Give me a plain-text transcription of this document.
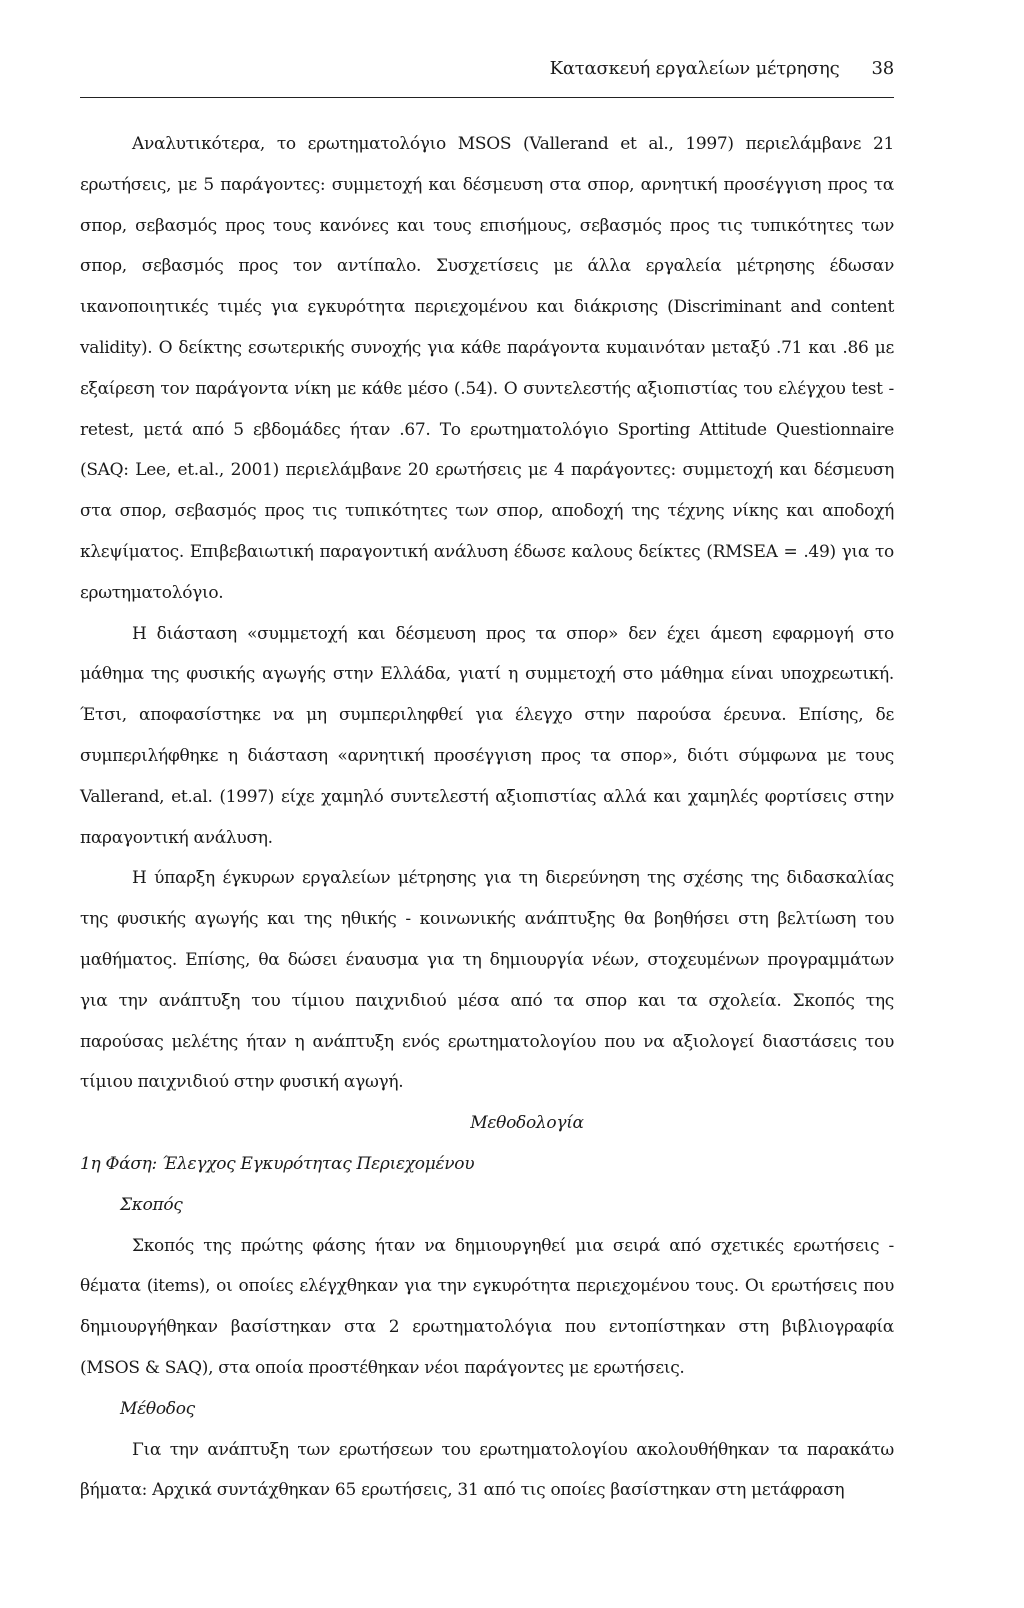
Κατασκευή εργαλείων μέτρησης 38

Αναλυτικότερα, το ερωτηματολόγιο MSOS (Vallerand et al., 1997) περιελάμβανε 21 ερωτήσεις, με 5 παράγοντες: συμμετοχή και δέσμευση στα σπορ, αρνητική προσέγγιση προς τα σπορ, σεβασμός προς τους κανόνες και τους επισήμους, σεβασμός προς τις τυπικότητες των σπορ, σεβασμός προς τον αντίπαλο. Συσχετίσεις με άλλα εργαλεία μέτρησης έδωσαν ικανοποιητικές τιμές για εγκυρότητα περιεχομένου και διάκρισης (Discriminant and content validity). Ο δείκτης εσωτερικής συνοχής για κάθε παράγοντα κυμαινόταν μεταξύ .71 και .86 με εξαίρεση τον παράγοντα νίκη με κάθε μέσο (.54). Ο συντελεστής αξιοπιστίας του ελέγχου test - retest, μετά από 5 εβδομάδες ήταν .67. Το ερωτηματολόγιο Sporting Attitude Questionnaire (SAQ: Lee, et.al., 2001) περιελάμβανε 20 ερωτήσεις με 4 παράγοντες: συμμετοχή και δέσμευση στα σπορ, σεβασμός προς τις τυπικότητες των σπορ, αποδοχή της τέχνης νίκης και αποδοχή κλεψίματος. Επιβεβαιωτική παραγοντική ανάλυση έδωσε καλους δείκτες (RMSEA = .49) για το ερωτηματολόγιο.

Η διάσταση «συμμετοχή και δέσμευση προς τα σπορ» δεν έχει άμεση εφαρμογή στο μάθημα της φυσικής αγωγής στην Ελλάδα, γιατί η συμμετοχή στο μάθημα είναι υποχρεωτική. Έτσι, αποφασίστηκε να μη συμπεριληφθεί για έλεγχο στην παρούσα έρευνα. Επίσης, δε συμπεριλήφθηκε η διάσταση «αρνητική προσέγγιση προς τα σπορ», διότι σύμφωνα με τους Vallerand, et.al. (1997) είχε χαμηλό συντελεστή αξιοπιστίας αλλά και χαμηλές φορτίσεις στην παραγοντική ανάλυση.

Η ύπαρξη έγκυρων εργαλείων μέτρησης για τη διερεύνηση της σχέσης της διδασκαλίας της φυσικής αγωγής και της ηθικής - κοινωνικής ανάπτυξης θα βοηθήσει στη βελτίωση του μαθήματος. Επίσης, θα δώσει έναυσμα για τη δημιουργία νέων, στοχευμένων προγραμμάτων για την ανάπτυξη του τίμιου παιχνιδιού μέσα από τα σπορ και τα σχολεία. Σκοπός της παρούσας μελέτης ήταν η ανάπτυξη ενός ερωτηματολογίου που να αξιολογεί διαστάσεις του τίμιου παιχνιδιού στην φυσική αγωγή.

Μεθοδολογία

1η Φάση: Έλεγχος Εγκυρότητας Περιεχομένου

Σκοπός

Σκοπός της πρώτης φάσης ήταν να δημιουργηθεί μια σειρά από σχετικές ερωτήσεις - θέματα (items), οι οποίες ελέγχθηκαν για την εγκυρότητα περιεχομένου τους. Οι ερωτήσεις που δημιουργήθηκαν βασίστηκαν στα 2 ερωτηματολόγια που εντοπίστηκαν στη βιβλιογραφία (MSOS & SAQ), στα οποία προστέθηκαν νέοι παράγοντες με ερωτήσεις.

Μέθοδος

Για την ανάπτυξη των ερωτήσεων του ερωτηματολογίου ακολουθήθηκαν τα παρακάτω βήματα: Αρχικά συντάχθηκαν 65 ερωτήσεις, 31 από τις οποίες βασίστηκαν στη μετάφραση
